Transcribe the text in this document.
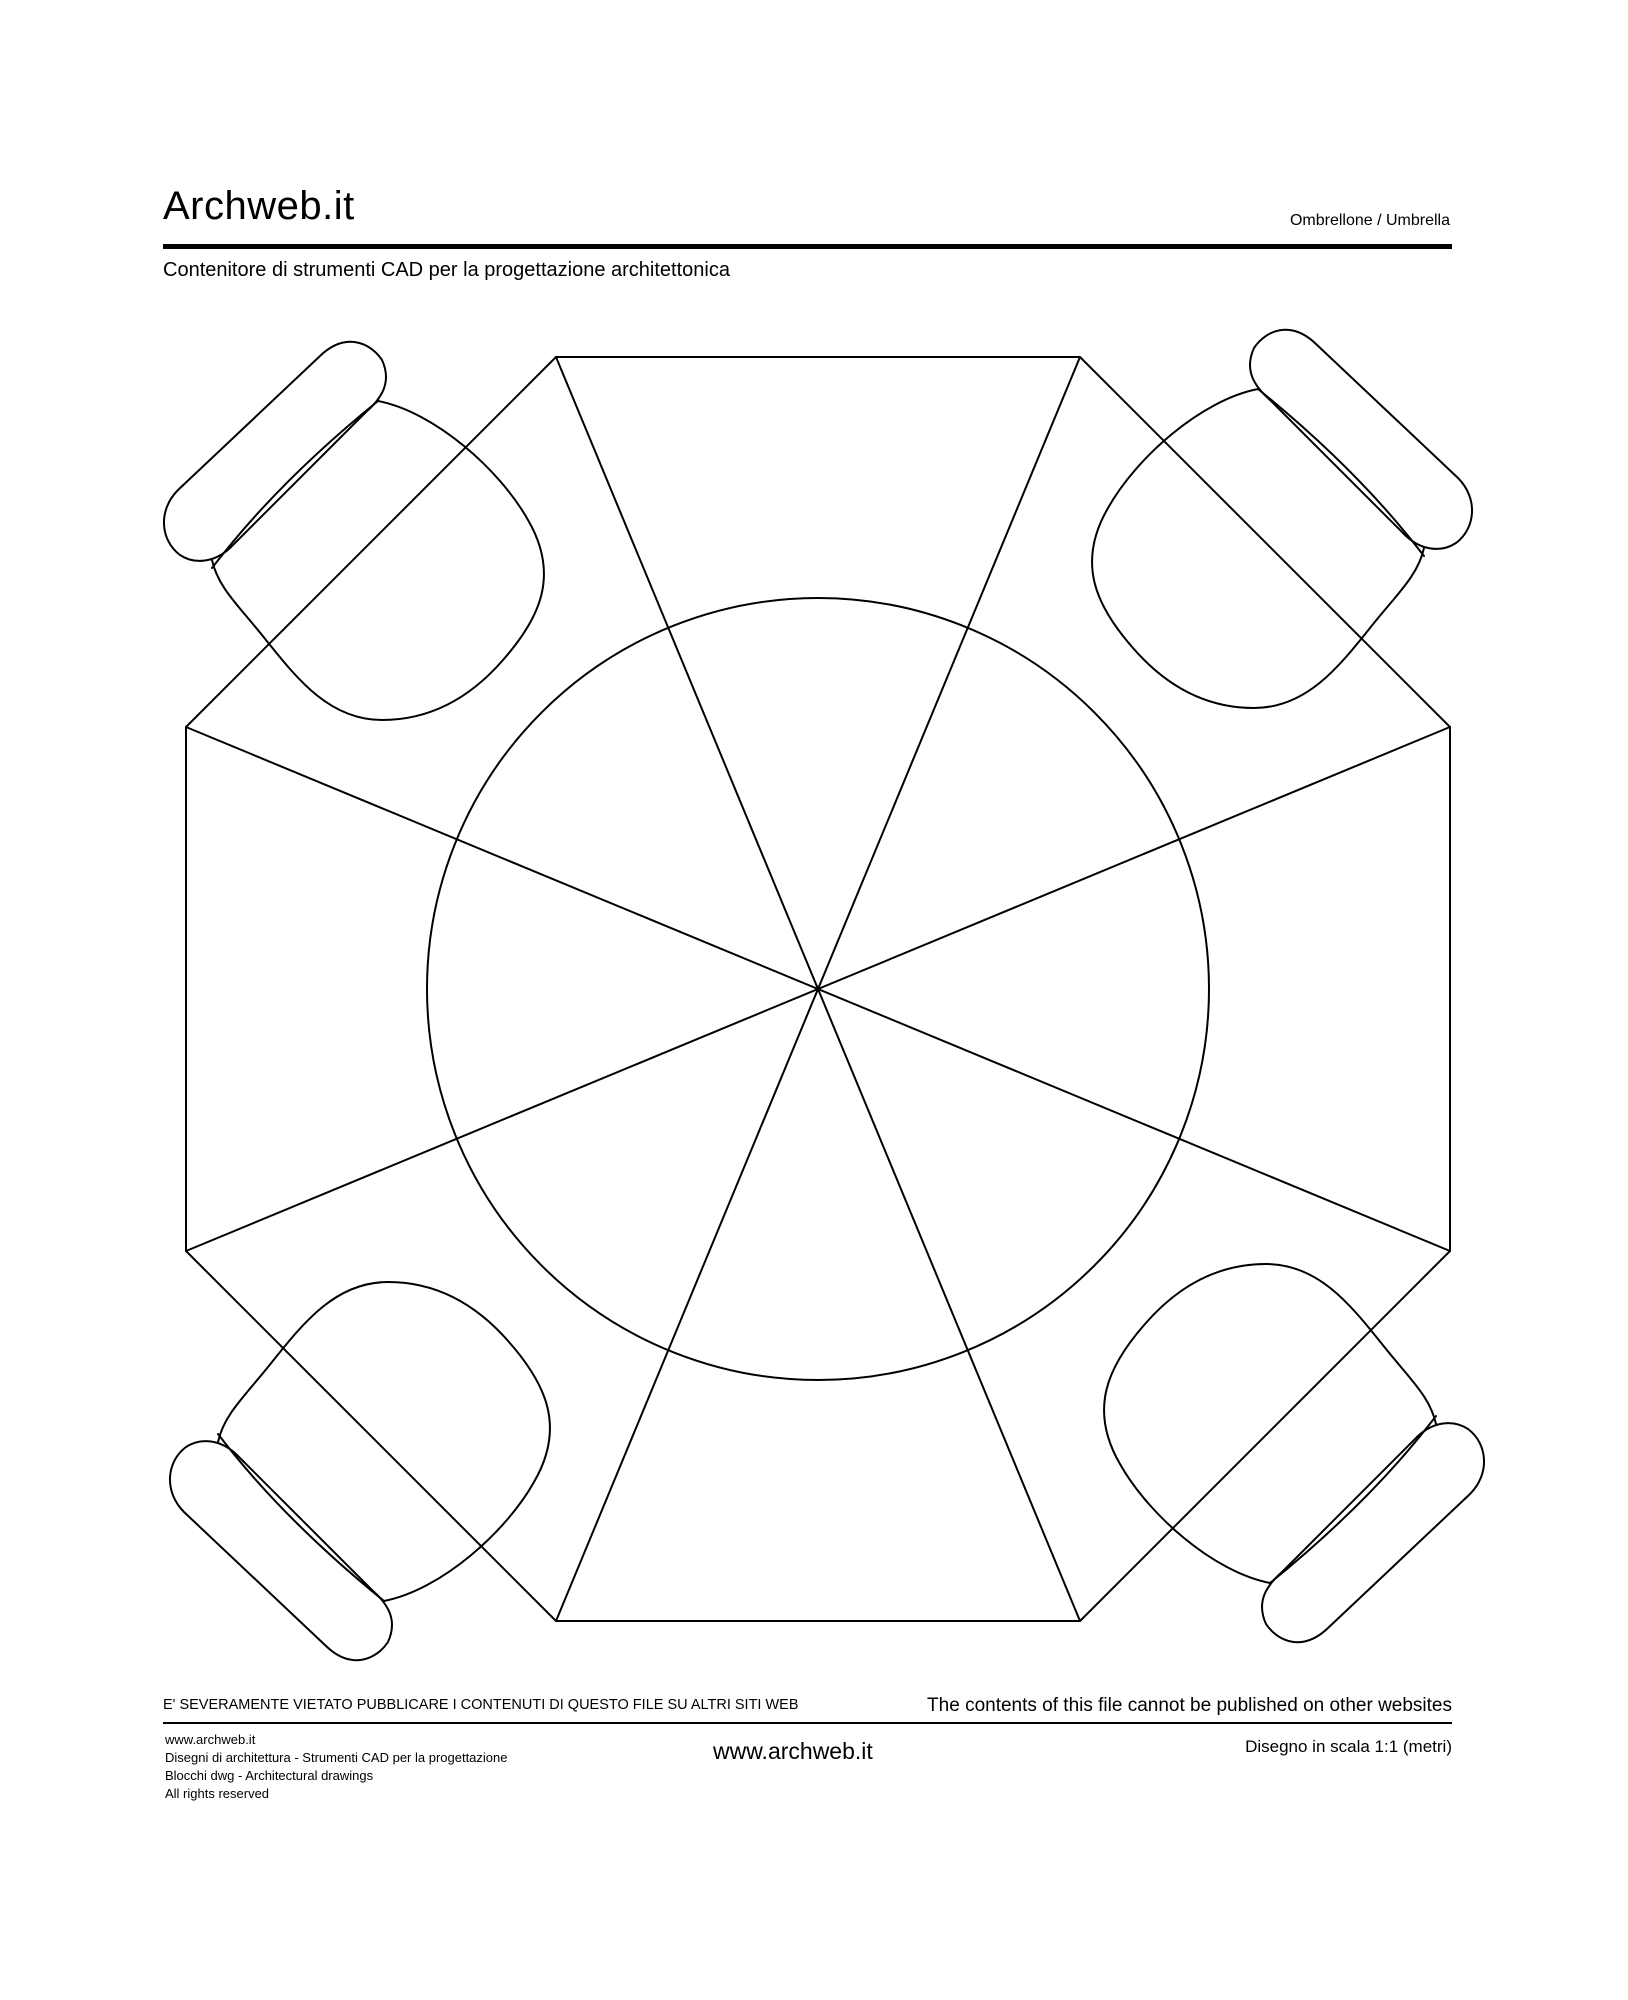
Archweb.it	Ombrellone / Umbrella
Contenitore di strumenti CAD per la progettazione architettonica
E' SEVERAMENTE VIETATO PUBBLICARE I CONTENUTI DI QUESTO FILE SU ALTRI SITI WEB	The contents of this file cannot be published on other websites
www.archweb.it
Disegni di architettura - Strumenti CAD per la progettazione
Blocchi dwg - Architectural drawings
All rights reserved
www.archweb.it	Disegno in scala 1:1 (metri)
